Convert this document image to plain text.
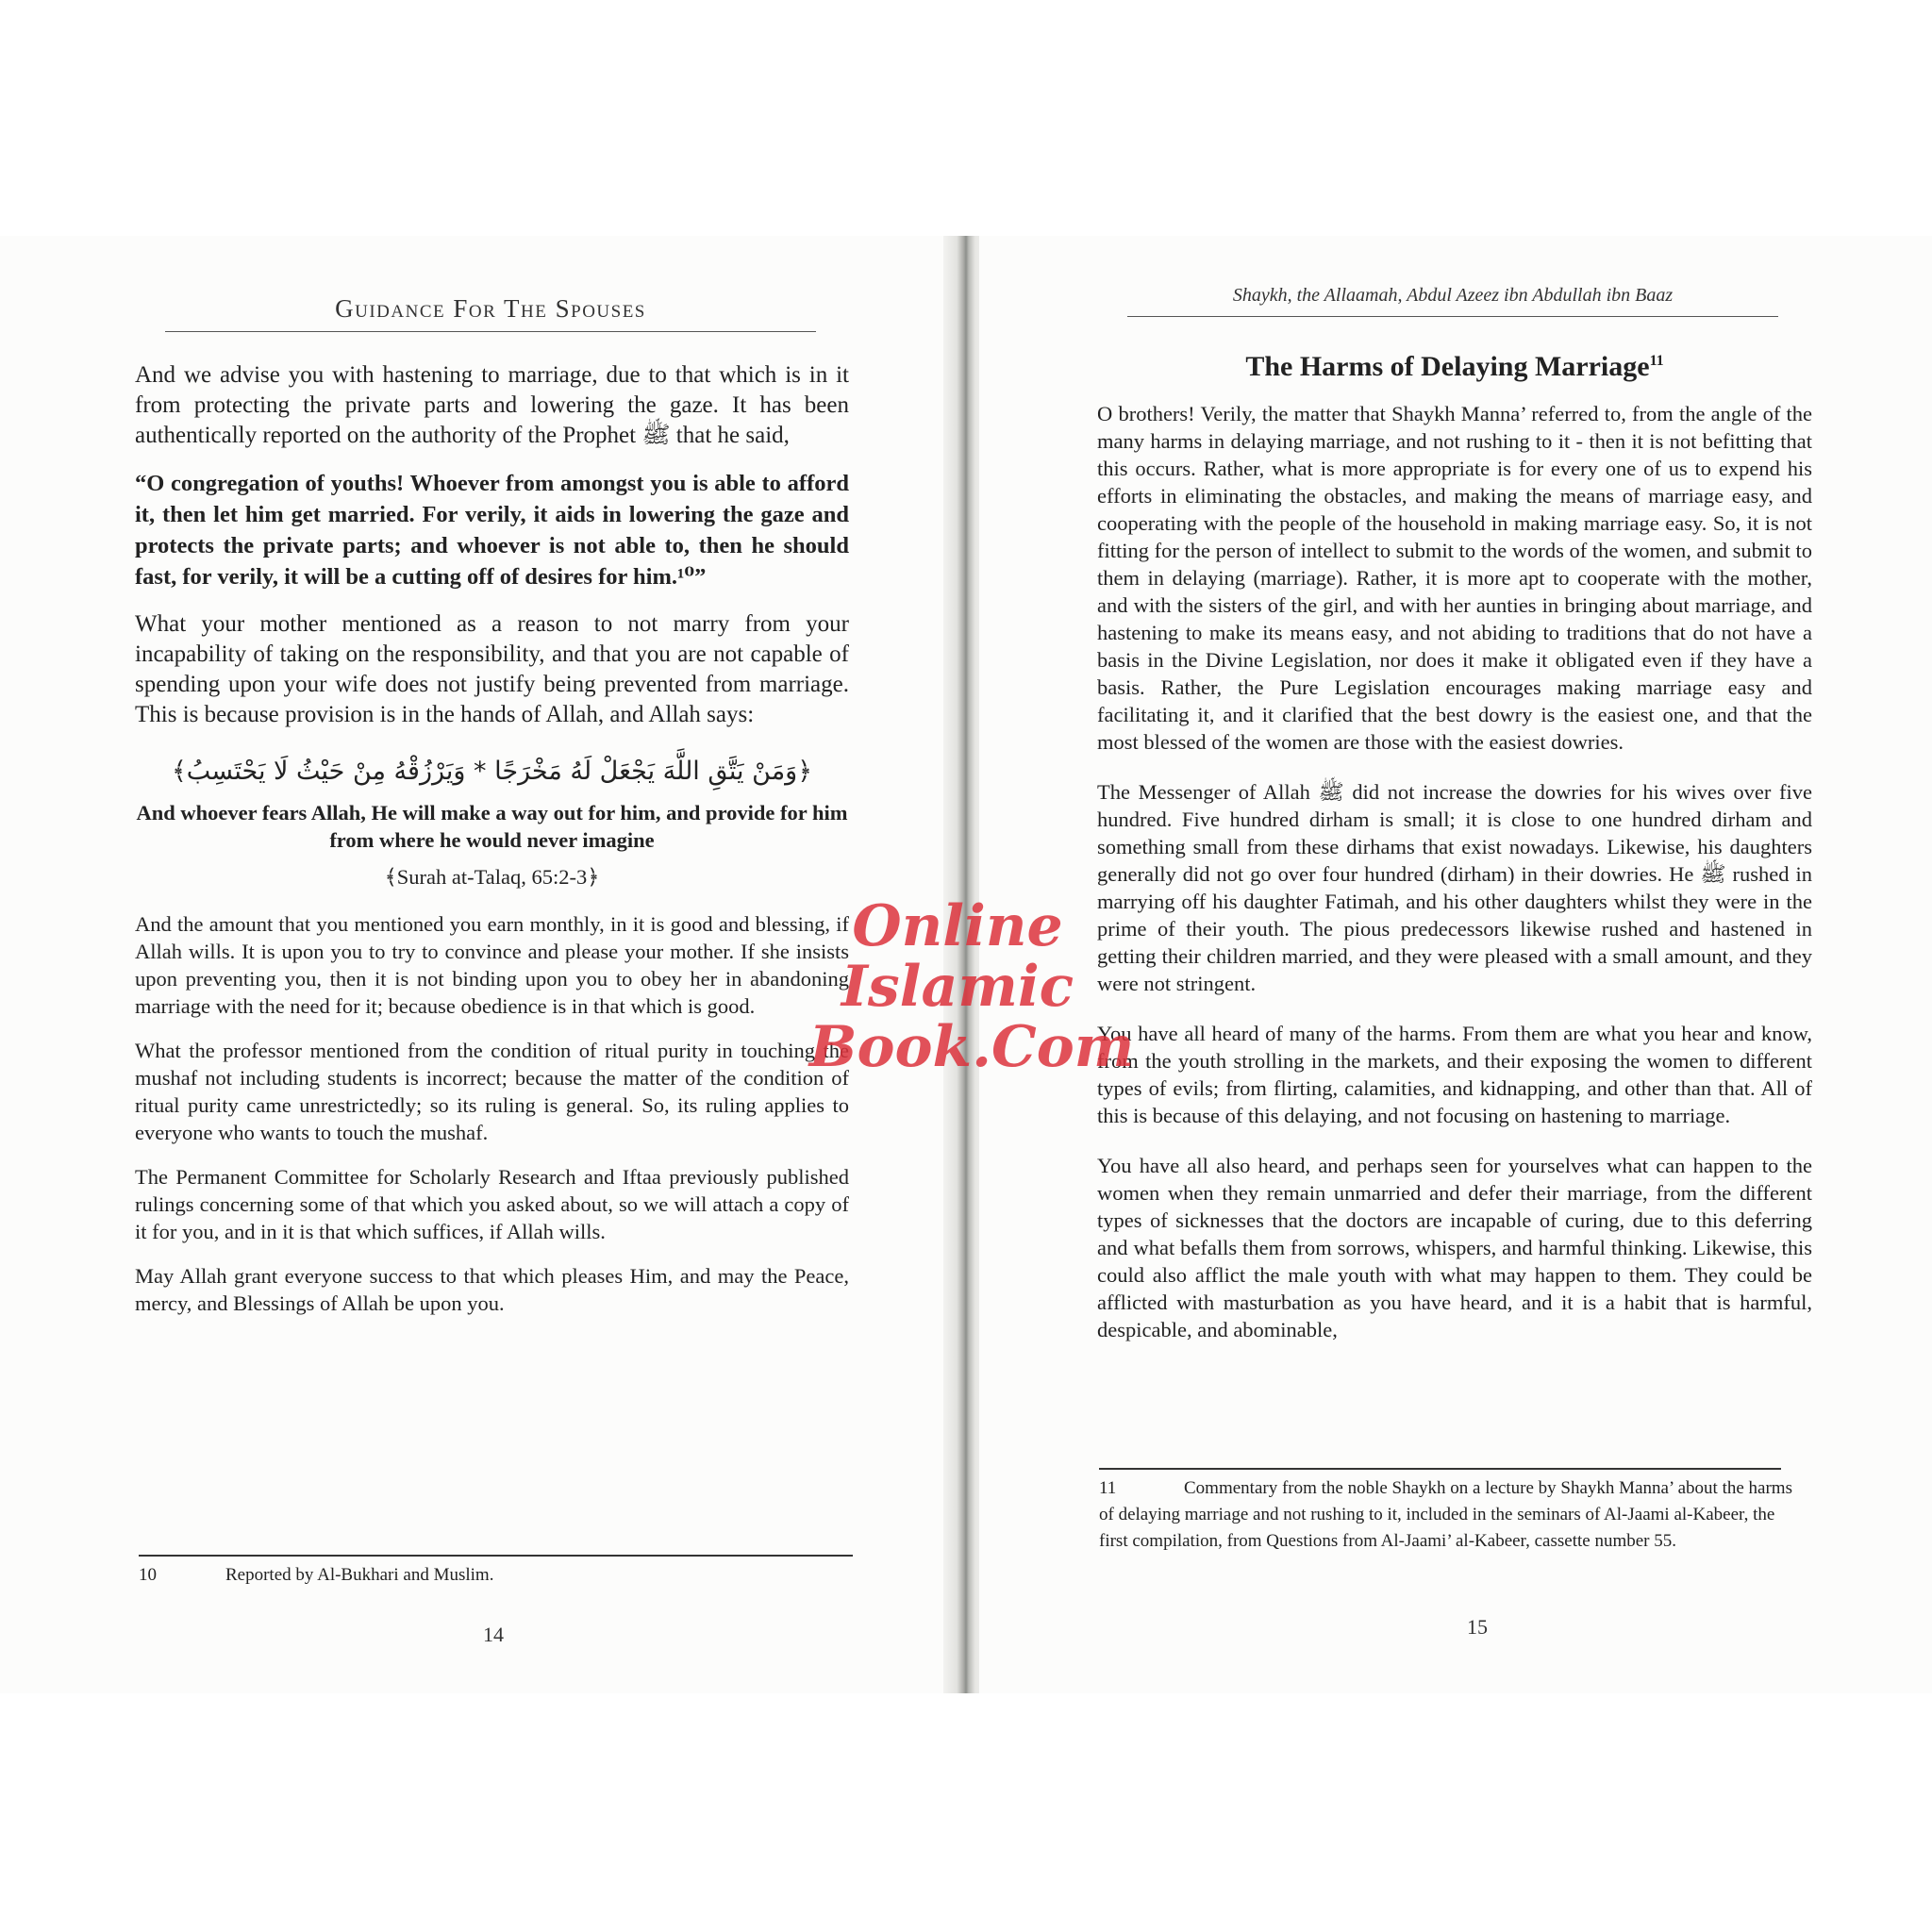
Guidance For The Spouses

And we advise you with hastening to marriage, due to that which is in it from protecting the private parts and lowering the gaze. It has been authentically reported on the authority of the Prophet ﷺ that he said,

“O congregation of youths! Whoever from amongst you is able to afford it, then let him get married. For verily, it aids in lowering the gaze and protects the private parts; and whoever is not able to, then he should fast, for verily, it will be a cutting off of desires for him.¹⁰”

What your mother mentioned as a reason to not marry from your incapability of taking on the responsibility, and that you are not capable of spending upon your wife does not justify being prevented from marriage. This is because provision is in the hands of Allah, and Allah says:

﴿وَمَنْ يَتَّقِ اللَّهَ يَجْعَلْ لَهُ مَخْرَجًا * وَيَرْزُقْهُ مِنْ حَيْثُ لَا يَحْتَسِبُ﴾

And whoever fears Allah, He will make a way out for him, and provide for him from where he would never imagine

﴾Surah at-Talaq, 65:2-3﴿

And the amount that you mentioned you earn monthly, in it is good and blessing, if Allah wills. It is upon you to try to convince and please your mother. If she insists upon preventing you, then it is not binding upon you to obey her in abandoning marriage with the need for it; because obedience is in that which is good.

What the professor mentioned from the condition of ritual purity in touching the mushaf not including students is incorrect; because the matter of the condition of ritual purity came unrestrictedly; so its ruling is general. So, its ruling applies to everyone who wants to touch the mushaf.

The Permanent Committee for Scholarly Research and Iftaa previously published rulings concerning some of that which you asked about, so we will attach a copy of it for you, and in it is that which suffices, if Allah wills.

May Allah grant everyone success to that which pleases Him, and may the Peace, mercy, and Blessings of Allah be upon you.

10	Reported by Al-Bukhari and Muslim.
14
Shaykh, the Allaamah, Abdul Azeez ibn Abdullah ibn Baaz
The Harms of Delaying Marriage$^{11}$

O brothers! Verily, the matter that Shaykh Manna’ referred to, from the angle of the many harms in delaying marriage, and not rushing to it - then it is not befitting that this occurs. Rather, what is more appropriate is for every one of us to expend his efforts in eliminating the obstacles, and making the means of marriage easy, and cooperating with the people of the household in making marriage easy. So, it is not fitting for the person of intellect to submit to the words of the women, and submit to them in delaying (marriage). Rather, it is more apt to cooperate with the mother, and with the sisters of the girl, and with her aunties in bringing about marriage, and hastening to make its means easy, and not abiding to traditions that do not have a basis in the Divine Legislation, nor does it make it obligated even if they have a basis. Rather, the Pure Legislation encourages making marriage easy and facilitating it, and it clarified that the best dowry is the easiest one, and that the most blessed of the women are those with the easiest dowries.

The Messenger of Allah ﷺ did not increase the dowries for his wives over five hundred. Five hundred dirham is small; it is close to one hundred dirham and something small from these dirhams that exist nowadays. Likewise, his daughters generally did not go over four hundred (dirham) in their dowries. He ﷺ rushed in marrying off his daughter Fatimah, and his other daughters whilst they were in the prime of their youth. The pious predecessors likewise rushed and hastened in getting their children married, and they were pleased with a small amount, and they were not stringent.

You have all heard of many of the harms. From them are what you hear and know, from the youth strolling in the markets, and their exposing the women to different types of evils; from flirting, calamities, and kidnapping, and other than that. All of this is because of this delaying, and not focusing on hastening to marriage.

You have all also heard, and perhaps seen for yourselves what can happen to the women when they remain unmarried and defer their marriage, from the different types of sicknesses that the doctors are incapable of curing, due to this deferring and what befalls them from sorrows, whispers, and harmful thinking. Likewise, this could also afflict the male youth with what may happen to them. They could be afflicted with masturbation as you have heard, and it is a habit that is harmful, despicable, and abominable,

11	Commentary from the noble Shaykh on a lecture by Shaykh Manna’ about the harms of delaying marriage and not rushing to it, included in the seminars of Al-Jaami al-Kabeer, the first compilation, from Questions from Al-Jaami’ al-Kabeer, cassette number 55.
15
Online Islamic
Book.Com
